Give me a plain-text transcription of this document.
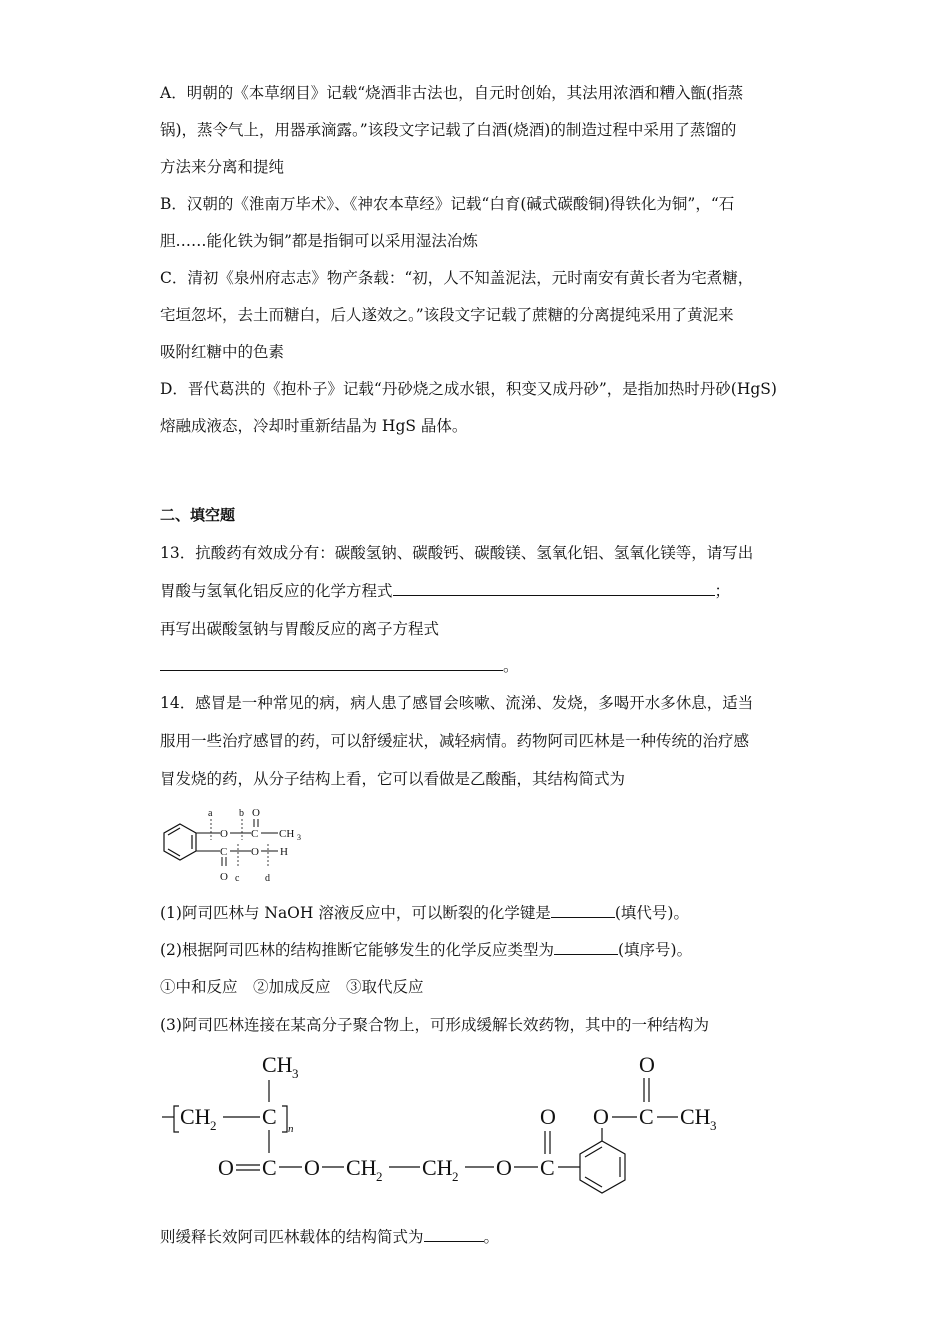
A．明朝的《本草纲目》记载“烧酒非古法也，自元时创始，其法用浓酒和糟入甑(指蒸
锅)，蒸令气上，用器承滴露。”该段文字记载了白酒(烧酒)的制造过程中采用了蒸馏的
方法来分离和提纯
B．汉朝的《淮南万毕术》、《神农本草经》记载“白育(碱式碳酸铜)得铁化为铜”，“石
胆……能化铁为铜”都是指铜可以采用湿法冶炼
C．清初《泉州府志志》物产条载：“初，人不知盖泥法，元时南安有黄长者为宅煮糖，
宅垣忽坏，去土而糖白，后人遂效之。”该段文字记载了蔗糖的分离提纯采用了黄泥来
吸附红糖中的色素
D．晋代葛洪的《抱朴子》记载“丹砂烧之成水银，积变又成丹砂”，是指加热时丹砂(HgS)
熔融成液态，冷却时重新结晶为 HgS 晶体。
二、填空题
13．抗酸药有效成分有：碳酸氢钠、碳酸钙、碳酸镁、氢氧化铝、氢氧化镁等，请写出
胃酸与氢氧化铝反应的化学方程式	；
再写出碳酸氢钠与胃酸反应的离子方程式
。
14．感冒是一种常见的病，病人患了感冒会咳嗽、流涕、发烧，多喝开水多休息，适当
服用一些治疗感冒的药，可以舒缓症状，减轻病情。药物阿司匹林是一种传统的治疗感
冒发烧的药，从分子结构上看，它可以看做是乙酸酯，其结构简式为
a	b
c	d
O
O C CH 3
C O H
O
(1)阿司匹林与 NaOH 溶液反应中，可以断裂的化学键是	(填代号)。
(2)根据阿司匹林的结构推断它能够发生的化学反应类型为	(填序号)。
①中和反应　②加成反应　③取代反应
(3)阿司匹林连接在某高分子聚合物上，可形成缓解长效药物，其中的一种结构为
CH 3
CH 2 C n
O C O CH 2 CH 2 O C
O O C
O
CH 3
则缓释长效阿司匹林载体的结构简式为	。
